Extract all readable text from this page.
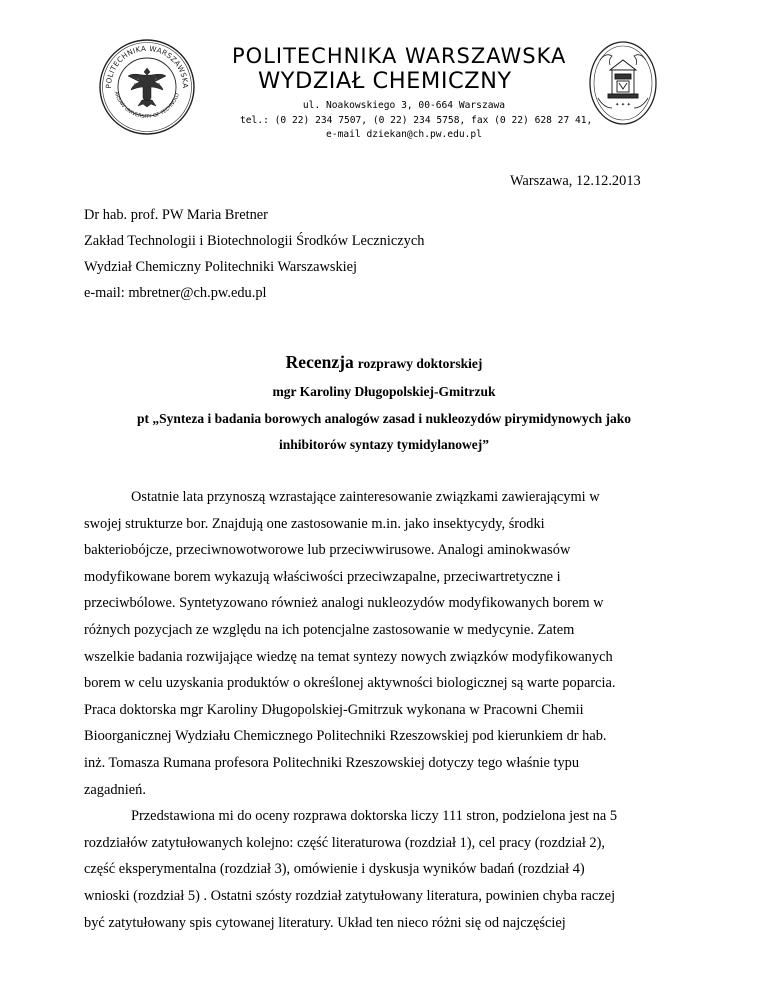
POLITECHNIKA WARSZAWSKA
ARSAW UNIVERSITY OF TECHNOLO
POLITECHNIKA WARSZAWSKA
WYDZIAŁ CHEMICZNY
ul. Noakowskiego 3, 00-664 Warszawa
tel.: (0 22) 234 7507, (0 22) 234 5758, fax (0 22) 628 27 41,
e-mail dziekan@ch.pw.edu.pl
✦ ✦ ✦
Warszawa, 12.12.2013
Dr hab. prof. PW Maria Bretner
Zakład Technologii i Biotechnologii Środków Leczniczych
Wydział Chemiczny Politechniki Warszawskiej
e-mail: mbretner@ch.pw.edu.pl
Recenzja rozprawy doktorskiej
mgr Karoliny Długopolskiej-Gmitrzuk
pt „Synteza i badania borowych analogów zasad i nukleozydów pirymidynowych jako
inhibitorów syntazy tymidylanowej”
Ostatnie lata przynoszą wzrastające zainteresowanie związkami zawierającymi w
swojej strukturze bor. Znajdują one zastosowanie m.in. jako insektycydy, środki
bakteriobójcze, przeciwnowotworowe lub przeciwwirusowe. Analogi aminokwasów
modyfikowane borem wykazują właściwości przeciwzapalne, przeciwartretyczne i
przeciwbólowe. Syntetyzowano również analogi nukleozydów modyfikowanych borem w
różnych pozycjach ze względu na ich potencjalne zastosowanie w medycynie. Zatem
wszelkie badania rozwijające wiedzę na temat syntezy nowych związków modyfikowanych
borem w celu uzyskania produktów o określonej aktywności biologicznej są warte poparcia.
Praca doktorska mgr Karoliny Długopolskiej-Gmitrzuk wykonana w Pracowni Chemii
Bioorganicznej Wydziału Chemicznego Politechniki Rzeszowskiej pod kierunkiem dr hab.
inż. Tomasza Rumana profesora Politechniki Rzeszowskiej dotyczy tego właśnie typu
zagadnień.
Przedstawiona mi do oceny rozprawa doktorska liczy 111 stron, podzielona jest na 5
rozdziałów zatytułowanych kolejno: część literaturowa (rozdział 1), cel pracy (rozdział 2),
część eksperymentalna (rozdział 3), omówienie i dyskusja wyników badań (rozdział 4)
wnioski (rozdział 5) . Ostatni szósty rozdział zatytułowany literatura, powinien chyba raczej
być zatytułowany spis cytowanej literatury. Układ ten nieco różni się od najczęściej
